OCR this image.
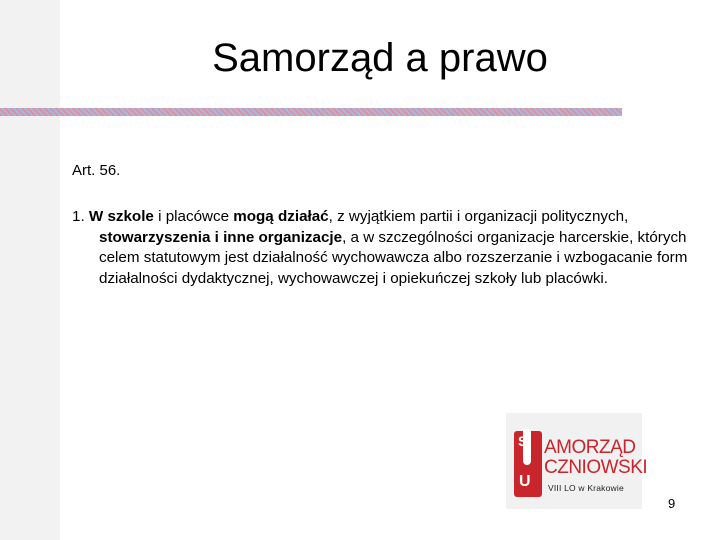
Samorząd a prawo
Art. 56.
1. W szkole i placówce mogą działać, z wyjątkiem partii i organizacji politycznych, stowarzyszenia i inne organizacje, a w szczególności organizacje harcerskie, których celem statutowym jest działalność wychowawcza albo rozszerzanie i wzbogacanie form działalności dydaktycznej, wychowawczej i opiekuńczej szkoły lub placówki.
S
U
AMORZĄD
CZNIOWSKI
VIII LO w Krakowie
9
